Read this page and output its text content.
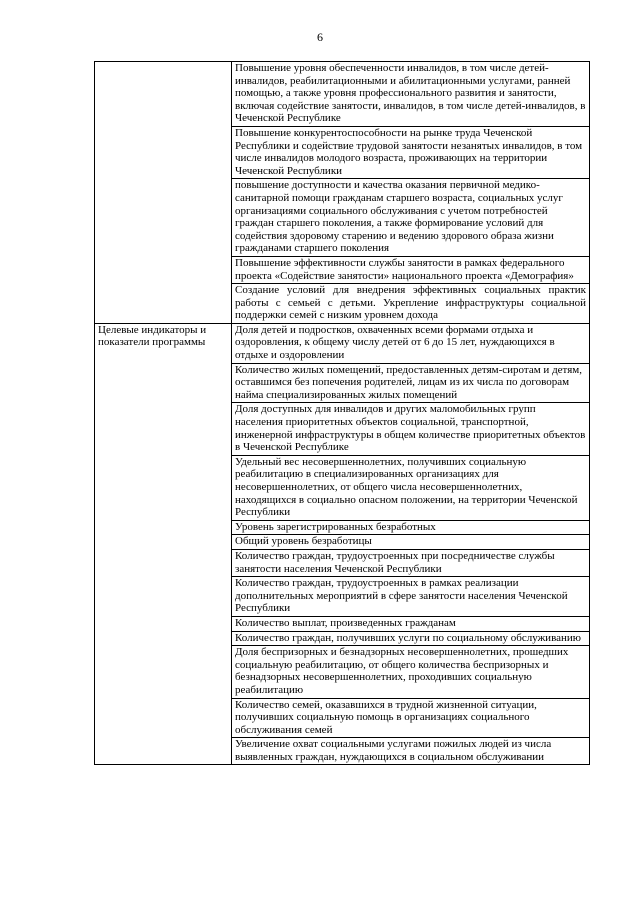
6
	Повышение уровня обеспеченности инвалидов, в том числе детей-инвалидов, реабилитационными и абилитационными услугами, ранней помощью, а также уровня профессионального развития и занятости, включая содействие занятости, инвалидов, в том числе детей-инвалидов, в Чеченской Республике
	Повышение конкурентоспособности на рынке труда Чеченской Республики и содействие трудовой занятости незанятых инвалидов, в том числе инвалидов молодого возраста, проживающих на территории Чеченской Республики
	повышение доступности и качества оказания первичной медико-санитарной помощи гражданам старшего возраста, социальных услуг организациями социального обслуживания с учетом потребностей граждан старшего поколения, а также формирование условий для содействия здоровому старению и ведению здорового образа жизни гражданами старшего поколения
	Повышение эффективности службы занятости в рамках федерального проекта «Содействие занятости» национального проекта «Демография»
	Создание условий для внедрения эффективных социальных практик работы с семьей с детьми. Укрепление инфраструктуры социальной поддержки семей с низким уровнем дохода
Целевые индикаторы и показатели программы	Доля детей и подростков, охваченных всеми формами отдыха и оздоровления, к общему числу детей от 6 до 15 лет, нуждающихся в отдыхе и оздоровлении
	Количество жилых помещений, предоставленных детям-сиротам и детям, оставшимся без попечения родителей, лицам из их числа по договорам найма специализированных жилых помещений
	Доля доступных для инвалидов и других маломобильных групп населения приоритетных объектов социальной, транспортной, инженерной инфраструктуры в общем количестве приоритетных объектов в Чеченской Республике
	Удельный вес несовершеннолетних, получивших социальную реабилитацию в специализированных организациях для несовершеннолетних, от общего числа несовершеннолетних, находящихся в социально опасном положении, на территории Чеченской Республики
	Уровень зарегистрированных безработных
	Общий уровень безработицы
	Количество граждан, трудоустроенных при посредничестве службы занятости населения Чеченской Республики
	Количество граждан, трудоустроенных в рамках реализации дополнительных мероприятий в сфере занятости населения Чеченской Республики
	Количество выплат, произведенных гражданам
	Количество граждан, получивших услуги по социальному обслуживанию
	Доля беспризорных и безнадзорных несовершеннолетних, прошедших социальную реабилитацию, от общего количества беспризорных и безнадзорных несовершеннолетних, проходивших социальную реабилитацию
	Количество семей, оказавшихся в трудной жизненной ситуации, получивших социальную помощь в организациях социального обслуживания семей
	Увеличение охват социальными услугами пожилых людей из числа выявленных граждан, нуждающихся в социальном обслуживании
